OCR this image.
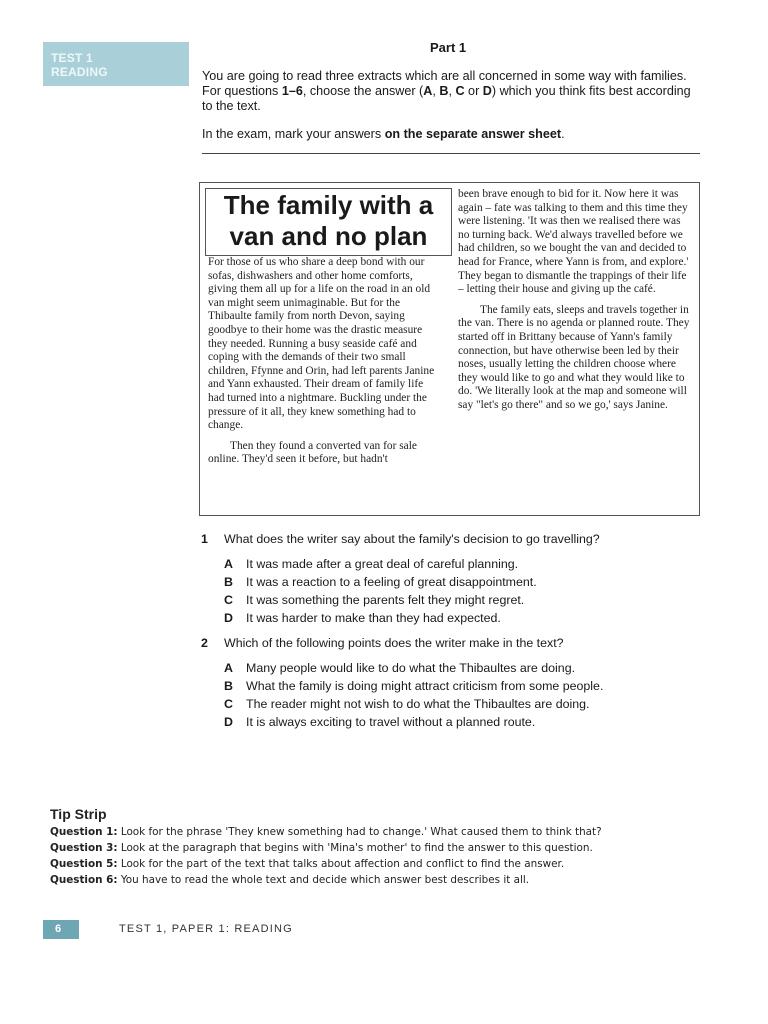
TEST 1
READING
Part 1

You are going to read three extracts which are all concerned in some way with families. For questions 1–6, choose the answer (A, B, C or D) which you think fits best according to the text.

In the exam, mark your answers on the separate answer sheet.

The family with a
van and no plan

For those of us who share a deep bond with our sofas, dishwashers and other home comforts, giving them all up for a life on the road in an old van might seem unimaginable. But for the Thibaulte family from north Devon, saying goodbye to their home was the drastic measure they needed. Running a busy seaside café and coping with the demands of their two small children, Ffynne and Orin, had left parents Janine and Yann exhausted. Their dream of family life had turned into a nightmare. Buckling under the pressure of it all, they knew something had to change.

Then they found a converted van for sale online. They'd seen it before, but hadn't

been brave enough to bid for it. Now here it was again – fate was talking to them and this time they were listening. 'It was then we realised there was no turning back. We'd always travelled before we had children, so we bought the van and decided to head for France, where Yann is from, and explore.' They began to dismantle the trappings of their life – letting their house and giving up the café.

The family eats, sleeps and travels together in the van. There is no agenda or planned route. They started off in Brittany because of Yann's family connection, but have otherwise been led by their noses, usually letting the children choose where they would like to go and what they would like to do. 'We literally look at the map and someone will say "let's go there" and so we go,' says Janine.

1 What does the writer say about the family's decision to go travelling?
A It was made after a great deal of careful planning.
B It was a reaction to a feeling of great disappointment.
C It was something the parents felt they might regret.
D It was harder to make than they had expected.
2 Which of the following points does the writer make in the text?
A Many people would like to do what the Thibaultes are doing.
B What the family is doing might attract criticism from some people.
C The reader might not wish to do what the Thibaultes are doing.
D It is always exciting to travel without a planned route.
Tip Strip
Question 1: Look for the phrase 'They knew something had to change.' What caused them to think that?
Question 3: Look at the paragraph that begins with 'Mina's mother' to find the answer to this question.
Question 5: Look for the part of the text that talks about affection and conflict to find the answer.
Question 6: You have to read the whole text and decide which answer best describes it all.
6	TEST 1, PAPER 1: READING
